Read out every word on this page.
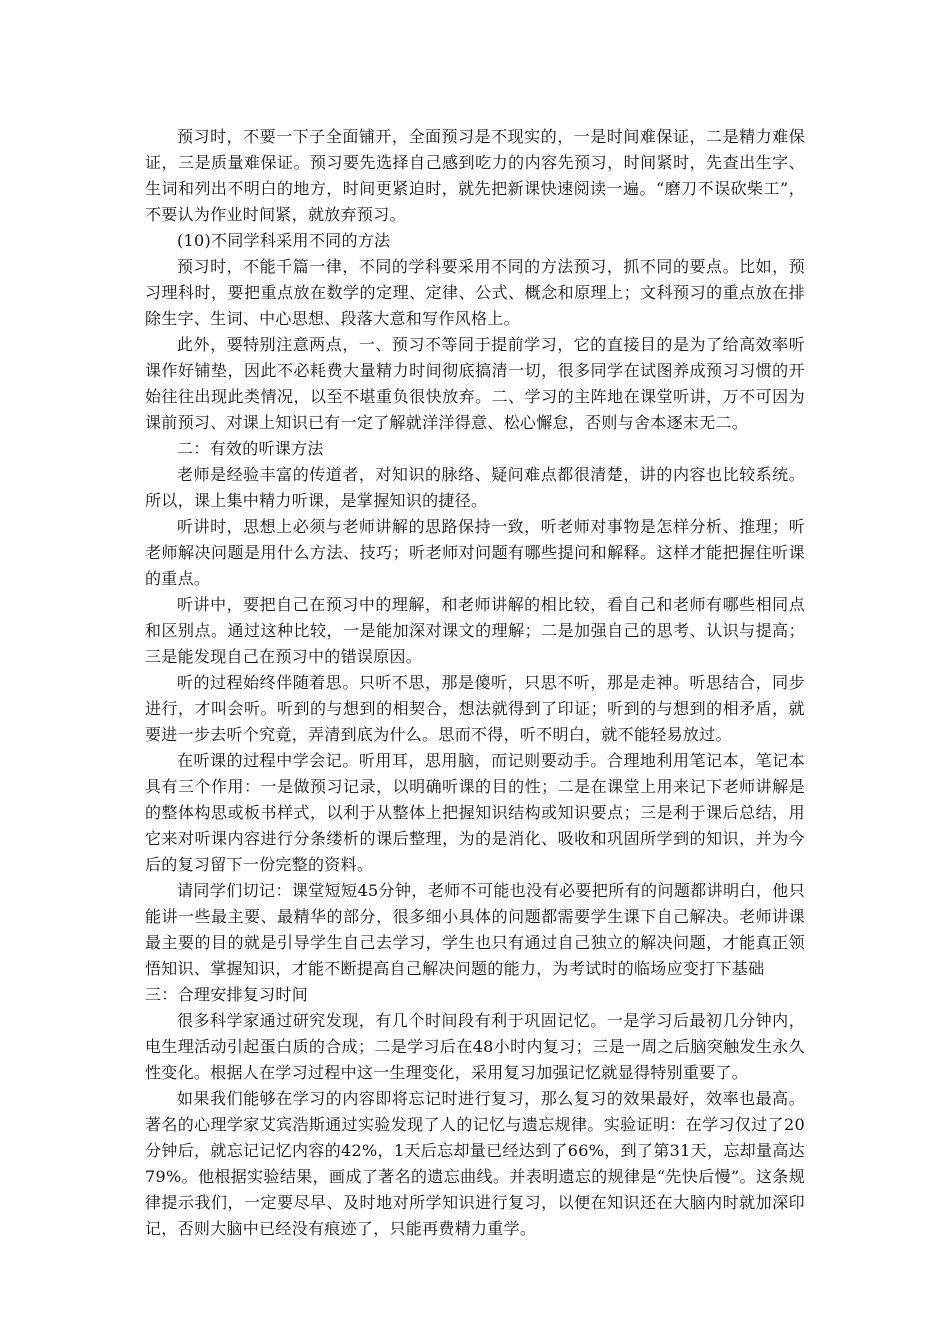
预习时，不要一下子全面铺开，全面预习是不现实的，一是时间难保证，二是精力难保证，三是质量难保证。预习要先选择自己感到吃力的内容先预习，时间紧时，先查出生字、生词和列出不明白的地方，时间更紧迫时，就先把新课快速阅读一遍。“磨刀不误砍柴工”，不要认为作业时间紧，就放弃预习。

(10)不同学科采用不同的方法

预习时，不能千篇一律，不同的学科要采用不同的方法预习，抓不同的要点。比如，预习理科时，要把重点放在数学的定理、定律、公式、概念和原理上；文科预习的重点放在排除生字、生词、中心思想、段落大意和写作风格上。

此外，要特别注意两点，一、预习不等同于提前学习，它的直接目的是为了给高效率听课作好铺垫，因此不必耗费大量精力时间彻底搞清一切，很多同学在试图养成预习习惯的开始往往出现此类情况，以至不堪重负很快放弃。二、学习的主阵地在课堂听讲，万不可因为课前预习、对课上知识已有一定了解就洋洋得意、松心懈怠，否则与舍本逐末无二。

二：有效的听课方法

老师是经验丰富的传道者，对知识的脉络、疑问难点都很清楚，讲的内容也比较系统。所以，课上集中精力听课，是掌握知识的捷径。

听讲时，思想上必须与老师讲解的思路保持一致，听老师对事物是怎样分析、推理；听老师解决问题是用什么方法、技巧；听老师对问题有哪些提问和解释。这样才能把握住听课的重点。

听讲中，要把自己在预习中的理解，和老师讲解的相比较，看自己和老师有哪些相同点和区别点。通过这种比较，一是能加深对课文的理解；二是加强自己的思考、认识与提高；三是能发现自己在预习中的错误原因。

听的过程始终伴随着思。只听不思，那是傻听，只思不听，那是走神。听思结合，同步进行，才叫会听。听到的与想到的相契合，想法就得到了印证；听到的与想到的相矛盾，就要进一步去听个究竟，弄清到底为什么。思而不得，听不明白，就不能轻易放过。

在听课的过程中学会记。听用耳，思用脑，而记则要动手。合理地利用笔记本，笔记本具有三个作用：一是做预习记录，以明确听课的目的性；二是在课堂上用来记下老师讲解是的整体构思或板书样式，以利于从整体上把握知识结构或知识要点；三是利于课后总结，用它来对听课内容进行分条缕析的课后整理，为的是消化、吸收和巩固所学到的知识，并为今后的复习留下一份完整的资料。

请同学们切记：课堂短短45分钟，老师不可能也没有必要把所有的问题都讲明白，他只能讲一些最主要、最精华的部分，很多细小具体的问题都需要学生课下自己解决。老师讲课最主要的目的就是引导学生自己去学习，学生也只有通过自己独立的解决问题，才能真正领悟知识、掌握知识，才能不断提高自己解决问题的能力，为考试时的临场应变打下基础

三：合理安排复习时间

很多科学家通过研究发现，有几个时间段有利于巩固记忆。一是学习后最初几分钟内，电生理活动引起蛋白质的合成；二是学习后在48小时内复习；三是一周之后脑突触发生永久性变化。根据人在学习过程中这一生理变化，采用复习加强记忆就显得特别重要了。

如果我们能够在学习的内容即将忘记时进行复习，那么复习的效果最好，效率也最高。著名的心理学家艾宾浩斯通过实验发现了人的记忆与遗忘规律。实验证明：在学习仅过了20分钟后，就忘记记忆内容的42%，1天后忘却量已经达到了66%，到了第31天，忘却量高达79%。他根据实验结果，画成了著名的遗忘曲线。并表明遗忘的规律是“先快后慢”。这条规律提示我们，一定要尽早、及时地对所学知识进行复习，以便在知识还在大脑内时就加深印记，否则大脑中已经没有痕迹了，只能再费精力重学。
